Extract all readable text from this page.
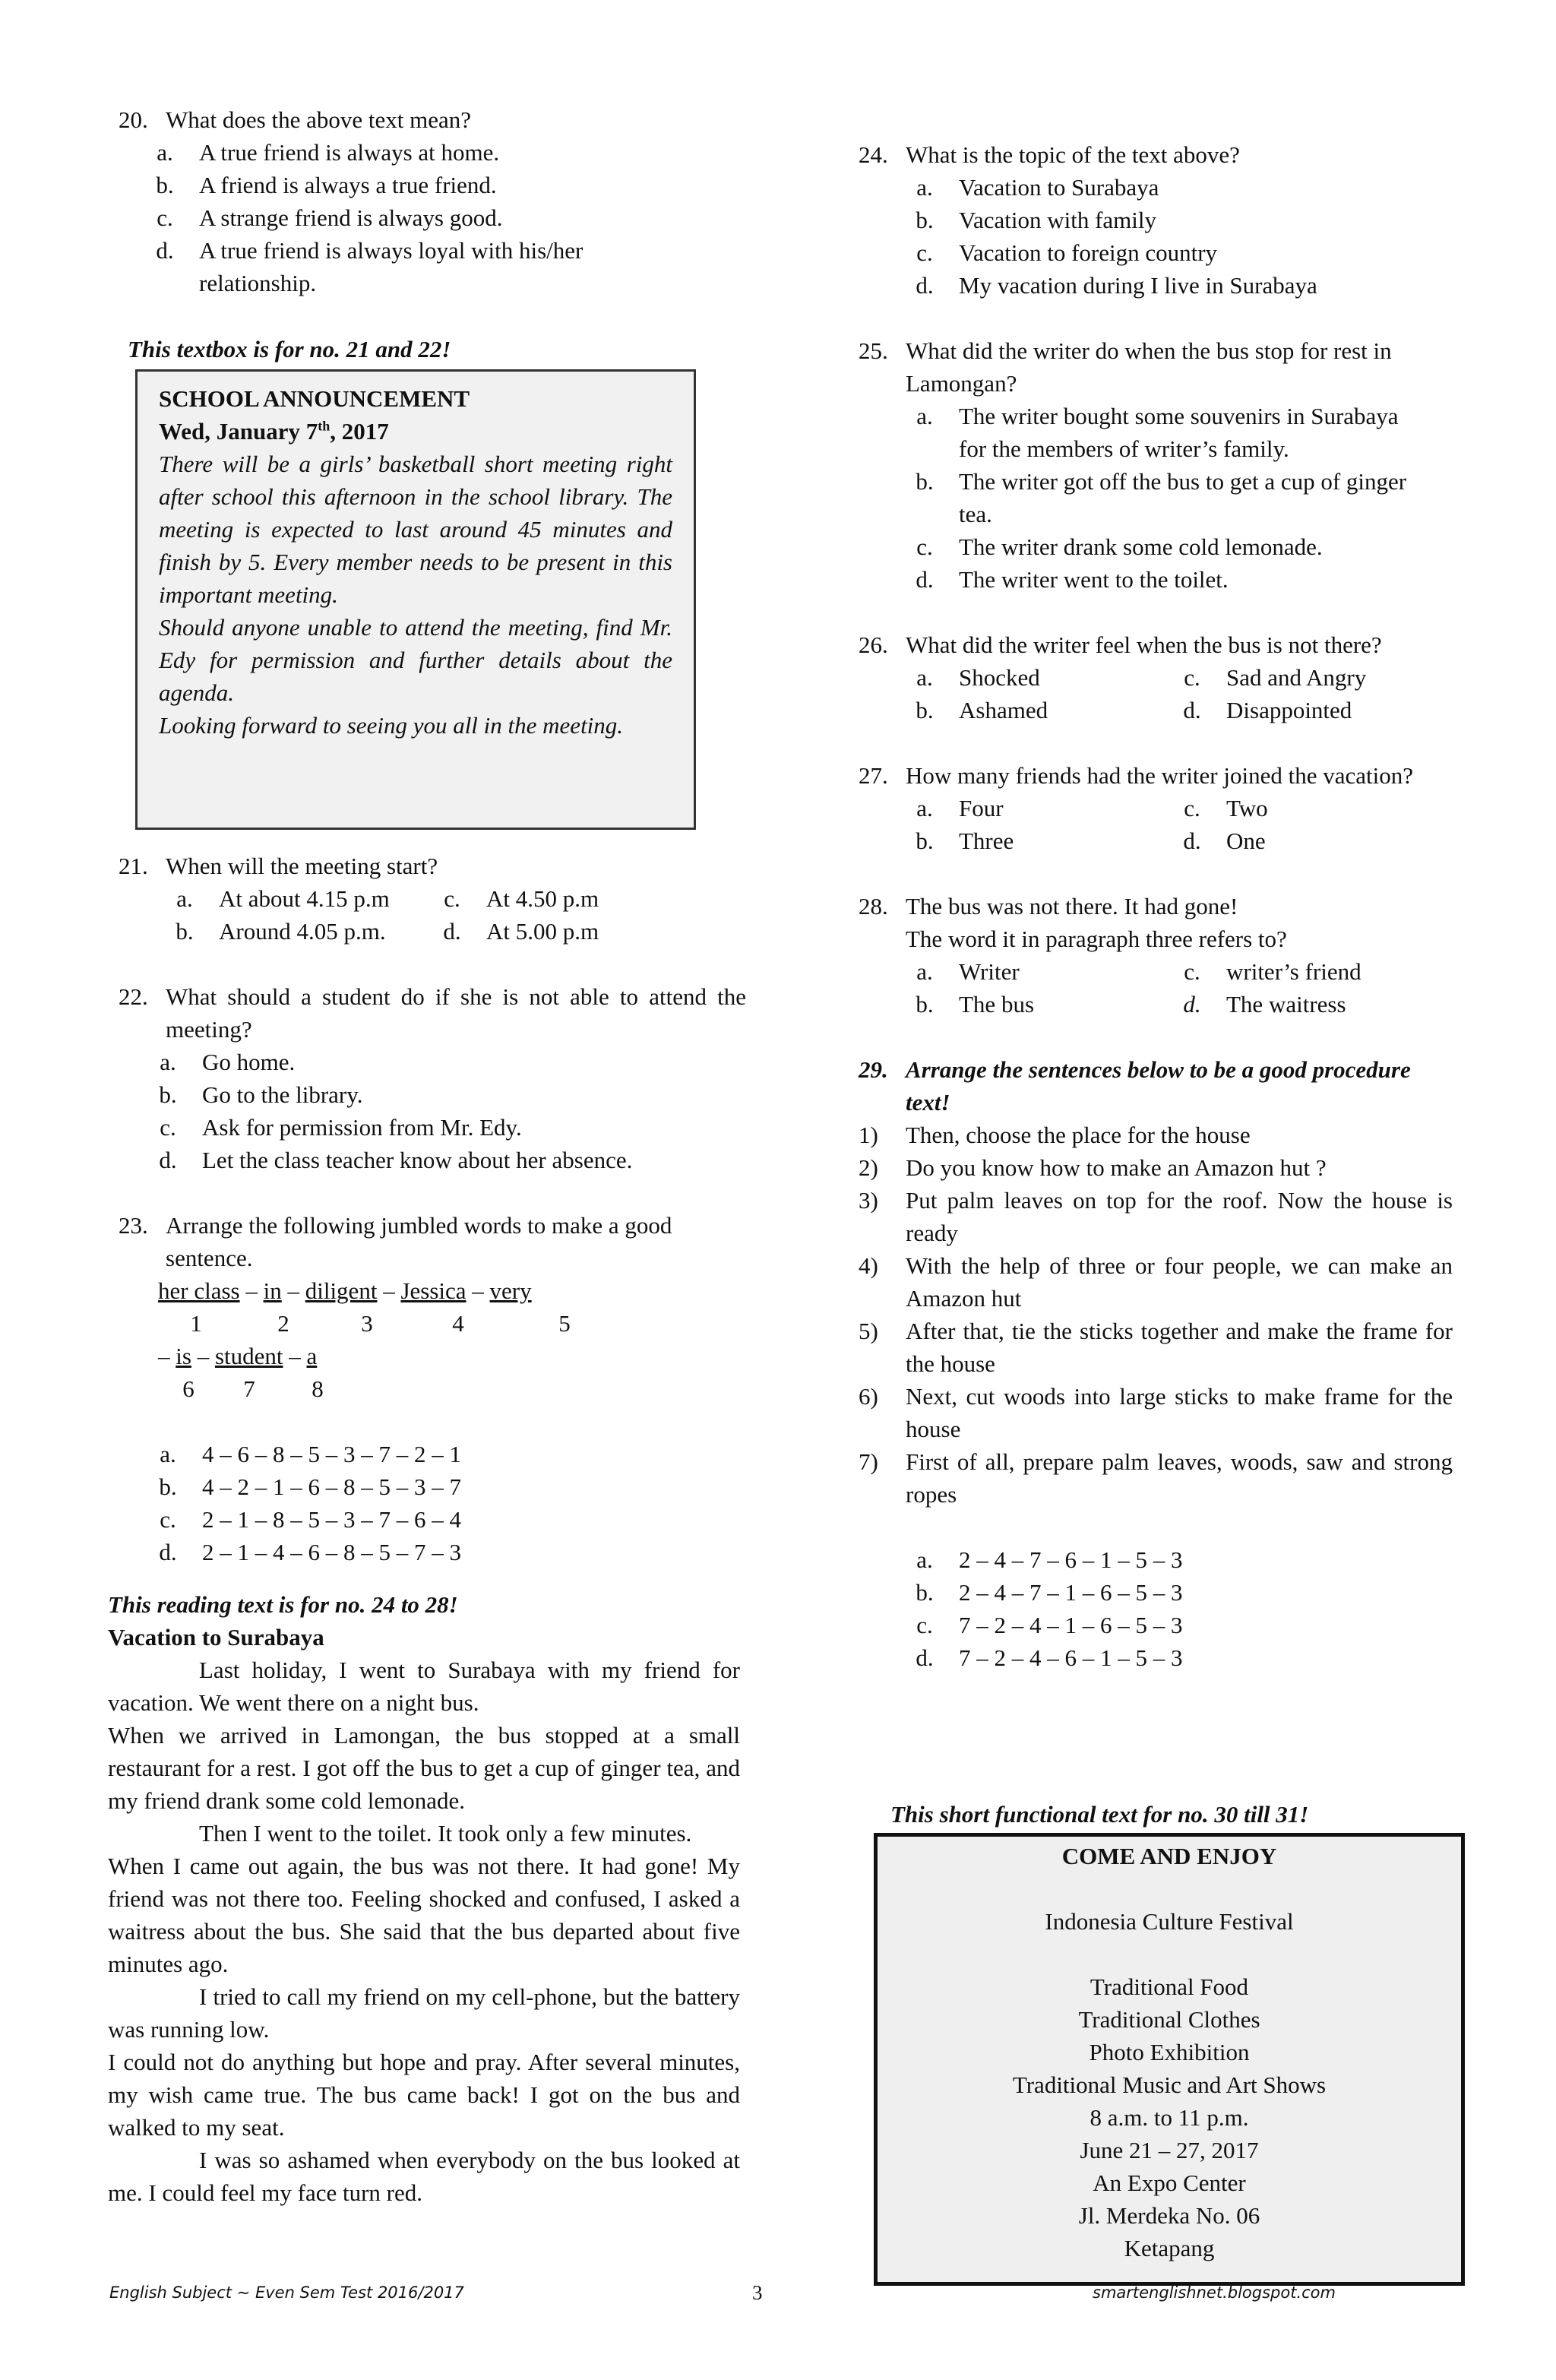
20. What does the above text mean?
a.	A true friend is always at home.
b.	A friend is always a true friend.
c.	A strange friend is always good.
d.	A true friend is always loyal with his/her relationship.
This textbox is for no. 21 and 22!
SCHOOL ANNOUNCEMENT
Wed, January 7th, 2017
There will be a girls’ basketball short meeting right after school this afternoon in the school library. The meeting is expected to last around 45 minutes and finish by 5. Every member needs to be present in this important meeting.
Should anyone unable to attend the meeting, find Mr. Edy for permission and further details about the agenda.
Looking forward to seeing you all in the meeting.
21. When will the meeting start?
a.	At about 4.15 p.m	c.	At 4.50 p.m
b.	Around 4.05 p.m.	d.	At 5.00 p.m
22. What should a student do if she is not able to attend the meeting?
a.	Go home.
b.	Go to the library.
c.	Ask for permission from Mr. Edy.
d.	Let the class teacher know about her absence.
23. Arrange the following jumbled words to make a good sentence.
her class – in – diligent – Jessica – very
1	2	3	4	5
– is – student – a
6	7	8
a.	4 – 6 – 8 – 5 – 3 – 7 – 2 – 1
b.	4 – 2 – 1 – 6 – 8 – 5 – 3 – 7
c.	2 – 1 – 8 – 5 – 3 – 7 – 6 – 4
d.	2 – 1 – 4 – 6 – 8 – 5 – 7 – 3
This reading text is for no. 24 to 28!
Vacation to Surabaya
Last holiday, I went to Surabaya with my friend for vacation. We went there on a night bus.
When we arrived in Lamongan, the bus stopped at a small restaurant for a rest. I got off the bus to get a cup of ginger tea, and my friend drank some cold lemonade.
Then I went to the toilet. It took only a few minutes.
When I came out again, the bus was not there. It had gone! My friend was not there too. Feeling shocked and confused, I asked a waitress about the bus. She said that the bus departed about five minutes ago.
I tried to call my friend on my cell-phone, but the battery was running low.
I could not do anything but hope and pray. After several minutes, my wish came true. The bus came back! I got on the bus and walked to my seat.
I was so ashamed when everybody on the bus looked at me. I could feel my face turn red.
24. What is the topic of the text above?
a.	Vacation to Surabaya
b.	Vacation with family
c.	Vacation to foreign country
d.	My vacation during I live in Surabaya
25. What did the writer do when the bus stop for rest in Lamongan?
a.	The writer bought some souvenirs in Surabaya for the members of writer’s family.
b.	The writer got off the bus to get a cup of ginger tea.
c.	The writer drank some cold lemonade.
d.	The writer went to the toilet.
26. What did the writer feel when the bus is not there?
a.	Shocked	c.	Sad and Angry
b.	Ashamed	d.	Disappointed
27. How many friends had the writer joined the vacation?
a.	Four	c.	Two
b.	Three	d.	One
28. The bus was not there. It had gone!
The word it in paragraph three refers to?
a.	Writer	c.	writer’s friend
b.	The bus	d.	The waitress
29. Arrange the sentences below to be a good procedure text!
1)	Then, choose the place for the house
2)	Do you know how to make an Amazon hut ?
3)	Put palm leaves on top for the roof. Now the house is ready
4)	With the help of three or four people, we can make an Amazon hut
5)	After that, tie the sticks together and make the frame for the house
6)	Next, cut woods into large sticks to make frame for the house
7)	First of all, prepare palm leaves, woods, saw and strong ropes
a.	2 – 4 – 7 – 6 – 1 – 5 – 3
b.	2 – 4 – 7 – 1 – 6 – 5 – 3
c.	7 – 2 – 4 – 1 – 6 – 5 – 3
d.	7 – 2 – 4 – 6 – 1 – 5 – 3
This short functional text for no. 30 till 31!
COME AND ENJOY
Indonesia Culture Festival
Traditional Food
Traditional Clothes
Photo Exhibition
Traditional Music and Art Shows
8 a.m. to 11 p.m.
June 21 – 27, 2017
An Expo Center
Jl. Merdeka No. 06
Ketapang
English Subject ~ Even Sem Test 2016/2017	3	smartenglishnet.blogspot.com
